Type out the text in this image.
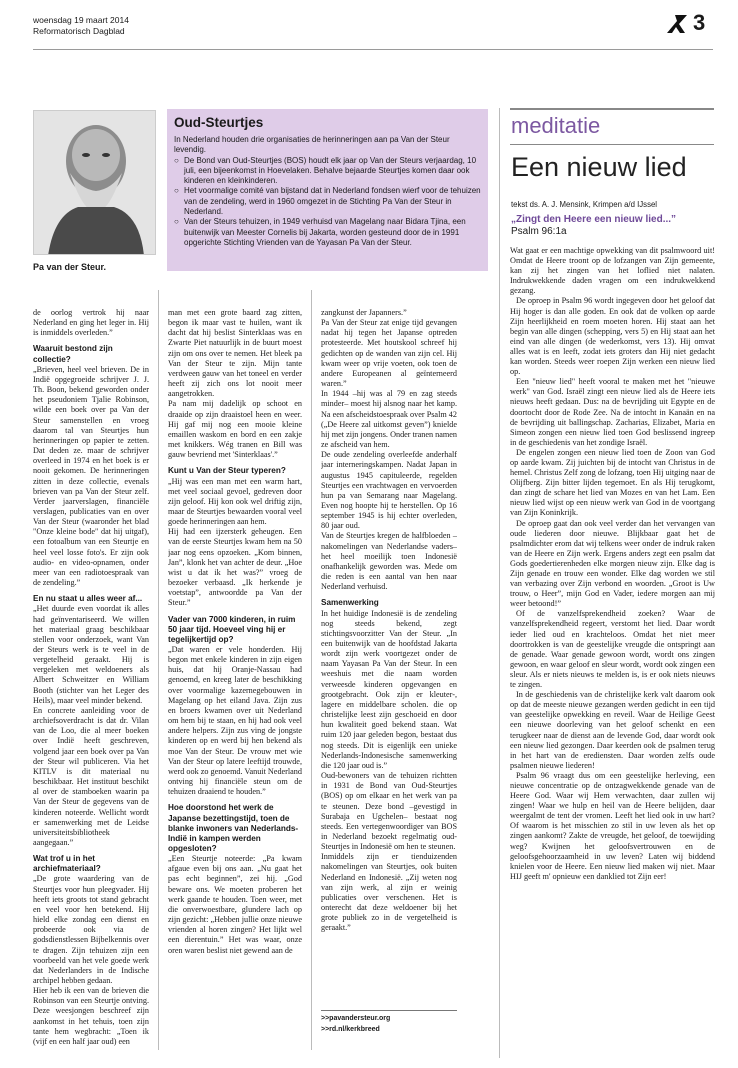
woensdag 19 maart 2014
Reformatorisch Dagblad	3
Pa van der Steur.
Oud-Steurtjes
In Nederland houden drie organisaties de herinneringen aan pa Van der Steur levendig.
○ De Bond van Oud-Steurtjes (BOS) houdt elk jaar op Van der Steurs verjaardag, 10 juli, een bijeenkomst in Hoevelaken. Behalve bejaarde Steurtjes komen daar ook kinderen en kleinkinderen.
○ Het voormalige comité van bijstand dat in Nederland fondsen wierf voor de tehuizen van de zendeling, werd in 1960 omgezet in de Stichting Pa Van der Steur in Nederland.
○ Van der Steurs tehuizen, in 1949 verhuisd van Magelang naar Bidara Tjina, een buitenwijk van Meester Cornelis bij Jakarta, worden gesteund door de in 1991 opgerichte Stichting Vrienden van de Yayasan Pa Van der Steur.
meditatie
Een nieuw lied
tekst ds. A. J. Mensink, Krimpen a/d IJssel
„Zingt den Heere een nieuw lied...”
Psalm 96:1a

Wat gaat er een machtige opwekking van dit psalmwoord uit! Omdat de Heere troont op de lofzangen van Zijn gemeente, kan zij het zingen van het loflied niet nalaten. Indrukwekkende daden vragen om een indrukwekkend gezang.

De oproep in Psalm 96 wordt ingegeven door het geloof dat Hij hoger is dan alle goden. En ook dat de volken op aarde Zijn heerlijkheid en roem moeten horen. Hij staat aan het begin van alle dingen (schepping, vers 5) en Hij staat aan het eind van alle dingen (de wederkomst, vers 13). Hij omvat alles wat is en leeft, zodat iets groters dan Hij niet gedacht kan worden. Steeds weer roepen Zijn werken een nieuw lied op.

Een "nieuw lied" heeft vooral te maken met het "nieuwe werk" van God. Israël zingt een nieuw lied als de Heere iets nieuws heeft gedaan. Dus: na de bevrijding uit Egypte en de doortocht door de Rode Zee. Na de intocht in Kanaän en na de bevrijding uit ballingschap. Zacharias, Elizabet, Maria en Simeon zongen een nieuw lied toen God beslissend ingreep in de geschiedenis van het zondige Israël.

De engelen zongen een nieuw lied toen de Zoon van God op aarde kwam. Zij juichten bij de intocht van Christus in de hemel. Christus Zelf zong de lofzang, toen Hij uitging naar de Olijfberg. Zijn bitter lijden tegemoet. En als Hij terugkomt, dan zingt de schare het lied van Mozes en van het Lam. Een nieuw lied wijst op een nieuw werk van God in de voortgang van Zijn Koninkrijk.

De oproep gaat dan ook veel verder dan het vervangen van oude liederen door nieuwe. Blijkbaar gaat het de psalmdichter erom dat wij telkens weer onder de indruk raken van de Heere en Zijn werk. Ergens anders zegt een psalm dat Gods goedertierenheden elke morgen nieuw zijn. Elke dag is Zijn genade en trouw een wonder. Elke dag worden we stil van verbazing over Zijn verbond en woorden. „Groot is Uw trouw, o Heer”, mijn God en Vader, iedere morgen aan mij weer betoond!”

Of de vanzelfsprekendheid zoeken? Waar de vanzelfsprekendheid regeert, verstomt het lied. Daar wordt ieder lied oud en krachteloos. Omdat het niet meer doortrokken is van de geestelijke vreugde die ontspringt aan de genade. Waar genade gewoon wordt, wordt ons zingen gewoon, en waar geloof en sleur wordt, wordt ook zingen een sleur. Als er niets nieuws te melden is, is er ook niets nieuws te zingen.

In de geschiedenis van de christelijke kerk valt daarom ook op dat de meeste nieuwe gezangen werden gedicht in een tijd van geestelijke opwekking en reveil. Waar de Heilige Geest een nieuwe doorleving van het geloof schenkt en een terugkeer naar de dienst aan de levende God, daar wordt ook een nieuw lied gezongen. Daar keerden ook de psalmen terug in het hart van de erediensten. Daar worden zelfs oude psalmen nieuwe liederen!

Psalm 96 vraagt dus om een geestelijke herleving, een nieuwe concentratie op de ontzagwekkende genade van de Heere God. Waar wij Hem verwachten, daar zullen wij zingen! Waar we hulp en heil van de Heere belijden, daar weergalmt de tent der vromen. Leeft het lied ook in uw hart? Of waarom is het misschien zo stil in uw leven als het op zingen aankomt? Zakte de vreugde, het geloof, de toewijding weg? Kwijnen het geloofsvertrouwen en de geloofsgehoorzaamheid in uw leven? Laten wij biddend knielen voor de Heere. Een nieuw lied maken wij niet. Maar HIJ geeft m' opnieuw een danklied tot Zijn eer!

de oorlog vertrok hij naar Nederland en ging het leger in. Hij is inmiddels overleden.”

Waaruit bestond zijn collectie?

„Brieven, heel veel brieven. De in Indië opgegroeide schrijver J. J. Th. Boon, bekend geworden onder het pseudoniem Tjalie Robinson, wilde een boek over pa Van der Steur samenstellen en vroeg daarom tal van Steurtjes hun herinneringen op papier te zetten. Dat deden ze. maar de schrijver overleed in 1974 en het boek is er nooit gekomen. De herinneringen zitten in deze collectie, evenals brieven van pa Van der Steur zelf. Verder jaarverslagen, financiële verslagen, publicaties van en over Van der Steur (waaronder het blad "Onze kleine bode" dat hij uitgaf), een fotoalbum van een Steurtje en heel veel losse foto's. Er zijn ook audio- en video-opnamen, onder meer van een radiotoespraak van de zendeling.”

En nu staat u alles weer af...

„Het duurde even voordat ik alles had geïnventariseerd. We willen het materiaal graag beschikbaar stellen voor onderzoek, want Van der Steurs werk is te veel in de vergetelheid geraakt. Hij is vergeleken met weldoeners als Albert Schweitzer en William Booth (stichter van het Leger des Heils), maar veel minder bekend.

En concrete aanleiding voor de archiefsoverdracht is dat dr. Vilan van de Loo, die al meer boeken over Indië heeft geschreven, volgend jaar een boek over pa Van der Steur wil publiceren. Via het KITLV is dit materiaal nu beschikbaar. Het instituut beschikt al over de stamboeken waarin pa Van der Steur de gegevens van de kinderen noteerde. Wellicht wordt er samenwerking met de Leidse universiteitsbibliotheek aangegaan.”

Wat trof u in het archiefmateriaal?

„De grote waardering van de Steurtjes voor hun pleegvader. Hij heeft iets groots tot stand gebracht en veel voor hen betekend. Hij hield elke zondag een dienst en probeerde ook via de godsdienstlessen Bijbelkennis over te dragen. Zijn tehuizen zijn een voorbeeld van het vele goede werk dat Nederlanders in de Indische archipel hebben gedaan.

Hier heb ik een van de brieven die Robinson van een Steurtje ontving. Deze weesjongen beschreef zijn aankomst in het tehuis, toen zijn tante hem wegbracht: „Toen ik (vijf en een half jaar oud) een

man met een grote baard zag zitten, begon ik maar vast te huilen, want ik dacht dat hij beslist Sinterklaas was en Zwarte Piet natuurlijk in de buurt moest zijn om ons over te nemen. Het bleek pa Van der Steur te zijn. Mijn tante verdween gauw van het toneel en verder heeft zij zich ons lot nooit meer aangetrokken.

Pa nam mij dadelijk op schoot en draaide op zijn draaistoel heen en weer. Hij gaf mij nog een mooie kleine emaillen waskom en bord en een zakje met knikkers. Wég tranen en Bill was gauw bevriend met 'Sinterklaas'.”

Kunt u Van der Steur typeren?

„Hij was een man met een warm hart, met veel sociaal gevoel, gedreven door zijn geloof. Hij kon ook wel driftig zijn, maar de Steurtjes bewaarden vooral veel goede herinneringen aan hem.

Hij had een ijzersterk geheugen. Een van de eerste Steurtjes kwam hem na 50 jaar nog eens opzoeken. „Kom binnen, Jan”, klonk het van achter de deur. „Hoe wist u dat ik het was?” vroeg de bezoeker verbaasd. „Ik herkende je voetstap”, antwoordde pa Van der Steur.”

Vader van 7000 kinderen, in ruim 50 jaar tijd. Hoeveel ving hij er tegelijkertijd op?

„Dat waren er vele honderden. Hij begon met enkele kinderen in zijn eigen huis, dat hij Oranje-Nassau had genoemd, en kreeg later de beschikking over voormalige kazernegebouwen in Magelang op het eiland Java. Zijn zus en broers kwamen over uit Nederland om hem bij te staan, en hij had ook veel andere helpers. Zijn zus ving de jongste kinderen op en werd bij hen bekend als moe Van der Steur. De vrouw met wie Van der Steur op latere leeftijd trouwde, werd ook zo genoemd. Vanuit Nederland ontving hij financiële steun om de tehuizen draaiend te houden.”

Hoe doorstond het werk de Japanse bezettingstijd, toen de blanke inwoners van Nederlands-Indië in kampen werden opgesloten?

„Een Steurtje noteerde: „Pa kwam afgaue even bij ons aan. „Nu gaat het pas echt beginnen”, zei hij. „God beware ons. We moeten proberen het werk gaande te houden. Toen weer, met die onverwoestbare, glundere lach op zijn gezicht: „Hebben jullie onze nieuwe vrienden al horen zingen? Het lijkt wel een dierentuin.” Het was waar, onze oren waren beslist niet gewend aan de

zangkunst der Japanners.”

Pa Van der Steur zat enige tijd gevangen nadat hij tegen het Japanse optreden protesteerde. Met houtskool schreef hij gedichten op de wanden van zijn cel. Hij kwam weer op vrije voeten, ook toen de andere Europeanen al geïnterneerd waren.”

In 1944 –hij was al 79 en zag steeds minder– moest hij alsnog naar het kamp. Na een afscheidstoespraak over Psalm 42 („De Heere zal uitkomst geven”) knielde hij met zijn jongens. Onder tranen namen ze afscheid van hem.

De oude zendeling overleefde anderhalf jaar interneringskampen. Nadat Japan in augustus 1945 capituleerde, regelden Steurtjes een vrachtwagen en vervoerden hun pa van Semarang naar Magelang. Even nog hoopte hij te herstellen. Op 16 september 1945 is hij echter overleden, 80 jaar oud.

Van de Steurtjes kregen de halfbloeden –nakomelingen van Nederlandse vaders– het heel moeilijk toen Indonesië onafhankelijk geworden was. Mede om die reden is een aantal van hen naar Nederland verhuisd.

Samenwerking

In het huidige Indonesië is de zendeling nog steeds bekend, zegt stichtingsvoorzitter Van der Steur. „In een buitenwijk van de hoofdstad Jakarta wordt zijn werk voortgezet onder de naam Yayasan Pa Van der Steur. In een weeshuis met die naam worden verweesde kinderen opgevangen en grootgebracht. Ook zijn er kleuter-, lagere en middelbare scholen. die op christelijke leest zijn geschoeid en door hun kwaliteit goed bekend staan. Wat ruim 120 jaar geleden begon, bestaat dus nog steeds. Dit is eigenlijk een unieke Nederlands-Indonesische samenwerking die 120 jaar oud is.”

Oud-bewoners van de tehuizen richtten in 1931 de Bond van Oud-Steurtjes (BOS) op om elkaar en het werk van pa te steunen. Deze bond –gevestigd in Surabaja en Ugchelen– bestaat nog steeds. Een vertegenwoordiger van BOS in Nederland bezoekt regelmatig oud-Steurtjes in Indonesië om hen te steunen.

Inmiddels zijn er tienduizenden nakomelingen van Steurtjes, ook buiten Nederland en Indonesië. „Zij weten nog van zijn werk, al zijn er weinig publicaties over verschenen. Het is onterecht dat deze weldoener bij het grote publiek zo in de vergetelheid is geraakt.”

>>pavandersteur.org
>>rd.nl/kerkbreed
